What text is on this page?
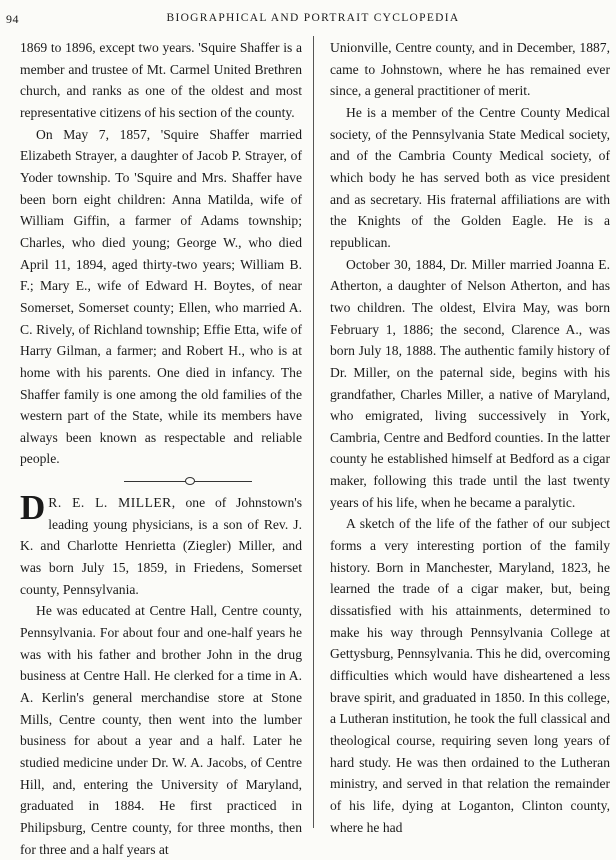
94	BIOGRAPHICAL AND PORTRAIT CYCLOPEDIA

1869 to 1896, except two years. 'Squire Shaffer is a member and trustee of Mt. Carmel United Brethren church, and ranks as one of the oldest and most representative citizens of his section of the county.

On May 7, 1857, 'Squire Shaffer married Elizabeth Strayer, a daughter of Jacob P. Strayer, of Yoder township. To 'Squire and Mrs. Shaffer have been born eight children: Anna Matilda, wife of William Giffin, a farmer of Adams township; Charles, who died young; George W., who died April 11, 1894, aged thirty-two years; William B. F.; Mary E., wife of Edward H. Boytes, of near Somerset, Somerset county; Ellen, who married A. C. Rively, of Richland township; Effie Etta, wife of Harry Gilman, a farmer; and Robert H., who is at home with his parents. One died in infancy. The Shaffer family is one among the old families of the western part of the State, while its members have always been known as respectable and reliable people.

D R. E. L. MILLER, one of Johnstown's leading young physicians, is a son of Rev. J. K. and Charlotte Henrietta (Ziegler) Miller, and was born July 15, 1859, in Friedens, Somerset county, Pennsylvania.

He was educated at Centre Hall, Centre county, Pennsylvania. For about four and one-half years he was with his father and brother John in the drug business at Centre Hall. He clerked for a time in A. A. Kerlin's general merchandise store at Stone Mills, Centre county, then went into the lumber business for about a year and a half. Later he studied medicine under Dr. W. A. Jacobs, of Centre Hill, and, entering the University of Maryland, graduated in 1884. He first practiced in Philipsburg, Centre county, for three months, then for three and a half years at

Unionville, Centre county, and in December, 1887, came to Johnstown, where he has remained ever since, a general practitioner of merit.

He is a member of the Centre County Medical society, of the Pennsylvania State Medical society, and of the Cambria County Medical society, of which body he has served both as vice president and as secretary. His fraternal affiliations are with the Knights of the Golden Eagle. He is a republican.

October 30, 1884, Dr. Miller married Joanna E. Atherton, a daughter of Nelson Atherton, and has two children. The oldest, Elvira May, was born February 1, 1886; the second, Clarence A., was born July 18, 1888. The authentic family history of Dr. Miller, on the paternal side, begins with his grandfather, Charles Miller, a native of Maryland, who emigrated, living successively in York, Cambria, Centre and Bedford counties. In the latter county he established himself at Bedford as a cigar maker, following this trade until the last twenty years of his life, when he became a paralytic.

A sketch of the life of the father of our subject forms a very interesting portion of the family history. Born in Manchester, Maryland, 1823, he learned the trade of a cigar maker, but, being dissatisfied with his attainments, determined to make his way through Pennsylvania College at Gettysburg, Pennsylvania. This he did, overcoming difficulties which would have disheartened a less brave spirit, and graduated in 1850. In this college, a Lutheran institution, he took the full classical and theological course, requiring seven long years of hard study. He was then ordained to the Lutheran ministry, and served in that relation the remainder of his life, dying at Loganton, Clinton county, where he had
